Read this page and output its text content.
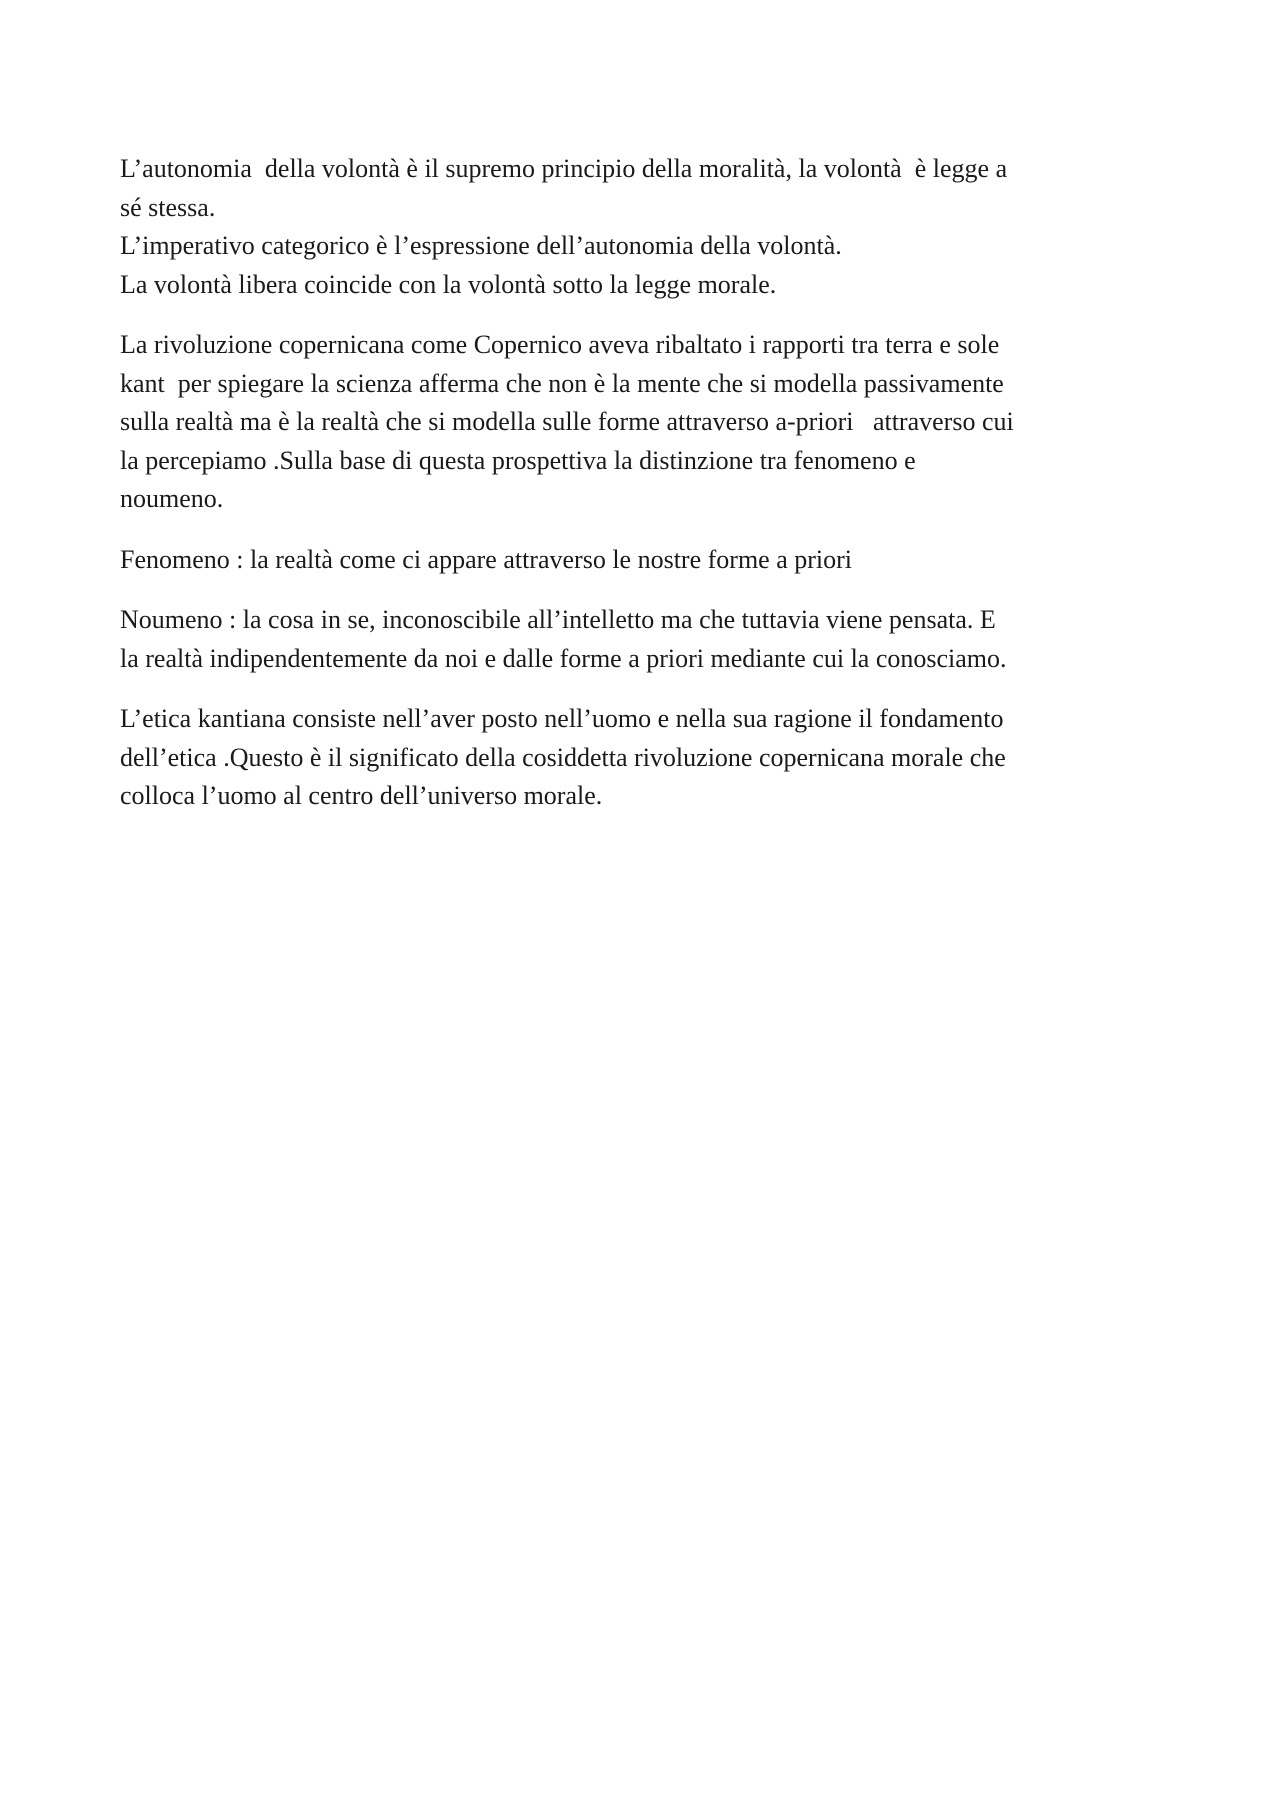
L’autonomia  della volontà è il supremo principio della moralità, la volontà  è legge a
sé stessa.
L’imperativo categorico è l’espressione dell’autonomia della volontà.
La volontà libera coincide con la volontà sotto la legge morale.

La rivoluzione copernicana come Copernico aveva ribaltato i rapporti tra terra e sole
kant  per spiegare la scienza afferma che non è la mente che si modella passivamente
sulla realtà ma è la realtà che si modella sulle forme attraverso a-priori   attraverso cui
la percepiamo .Sulla base di questa prospettiva la distinzione tra fenomeno e
noumeno.

Fenomeno : la realtà come ci appare attraverso le nostre forme a priori

Noumeno : la cosa in se, inconoscibile all’intelletto ma che tuttavia viene pensata. E
la realtà indipendentemente da noi e dalle forme a priori mediante cui la conosciamo.

L’etica kantiana consiste nell’aver posto nell’uomo e nella sua ragione il fondamento
dell’etica .Questo è il significato della cosiddetta rivoluzione copernicana morale che
colloca l’uomo al centro dell’universo morale.
